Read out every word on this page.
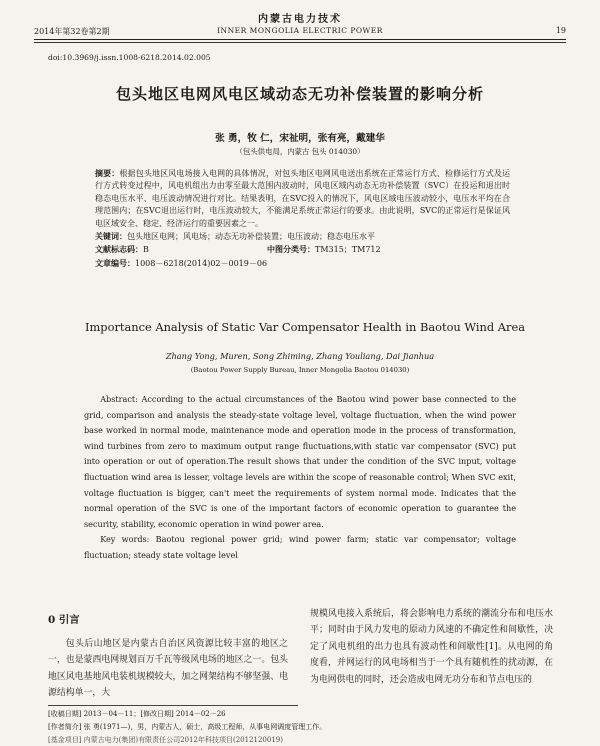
内蒙古电力技术
2014年第32卷第2期	INNER MONGOLIA ELECTRIC POWER	19
doi:10.3969/j.issn.1008-6218.2014.02.005
包头地区电网风电区域动态无功补偿装置的影响分析
张 勇，牧 仁，宋祉明，张有亮，戴建华
（包头供电局，内蒙古 包头 014030）
摘要：根据包头地区风电场接入电网的具体情况，对包头地区电网风电送出系统在正常运行方式、检修运行方式及运行方式转变过程中，风电机组出力由零至最大范围内波动时，风电区域内动态无功补偿装置（SVC）在投运和退出时稳态电压水平、电压波动情况进行对比。结果表明，在SVC投入的情况下，风电区域电压波动较小，电压水平均在合理范围内；在SVC退出运行时，电压波动较大，不能满足系统正常运行的要求。由此说明，SVC的正常运行是保证风电区域安全、稳定、经济运行的重要因素之一。
关键词：包头地区电网；风电场；动态无功补偿装置；电压波动；稳态电压水平
文献标志码：B	中图分类号：TM315；TM712
文章编号：1008－6218(2014)02－0019－06
Importance Analysis of Static Var Compensator Health in Baotou Wind Area
Zhang Yong, Muren, Song Zhiming, Zhang Youliang, Dai Jianhua
(Baotou Power Supply Bureau, Inner Mongolia Baotou 014030)
Abstract: According to the actual circumstances of the Baotou wind power base connected to the grid, comparison and analysis the steady-state voltage level, voltage fluctuation, when the wind power base worked in normal mode, maintenance mode and operation mode in the process of transformation, wind turbines from zero to maximum output range fluctuations,with static var compensator (SVC) put into operation or out of operation.The result shows that under the condition of the SVC input, voltage fluctuation wind area is lesser, voltage levels are within the scope of reasonable control; When SVC exit, voltage fluctuation is bigger, can't meet the requirements of system normal mode. Indicates that the normal operation of the SVC is one of the important factors of economic operation to guarantee the security, stability, economic operation in wind power area.
Key words: Baotou regional power grid; wind power farm; static var compensator; voltage fluctuation; steady state voltage level
0 引言
包头后山地区是内蒙古自治区风资源比较丰富的地区之一，也是蒙西电网规划百万千瓦等级风电场的地区之一。包头地区风电基地风电装机规模较大，加之网架结构不够坚强、电源结构单一，大
规模风电接入系统后，将会影响电力系统的潮流分布和电压水平；同时由于风力发电的原动力风速的不确定性和间歇性，决定了风电机组的出力也具有波动性和间歇性[1]。从电网的角度看，并网运行的风电场相当于一个具有随机性的扰动源，在为电网供电的同时，还会造成电网无功分布和节点电压的
[收稿日期] 2013－04－11；[修改日期] 2014－02－26
[作者简介] 张 勇(1971—)，男，内蒙古人，硕士，高级工程师，从事电网调度管理工作。
[基金项目] 内蒙古电力(集团)有限责任公司2012年科技项目(2012120019)
